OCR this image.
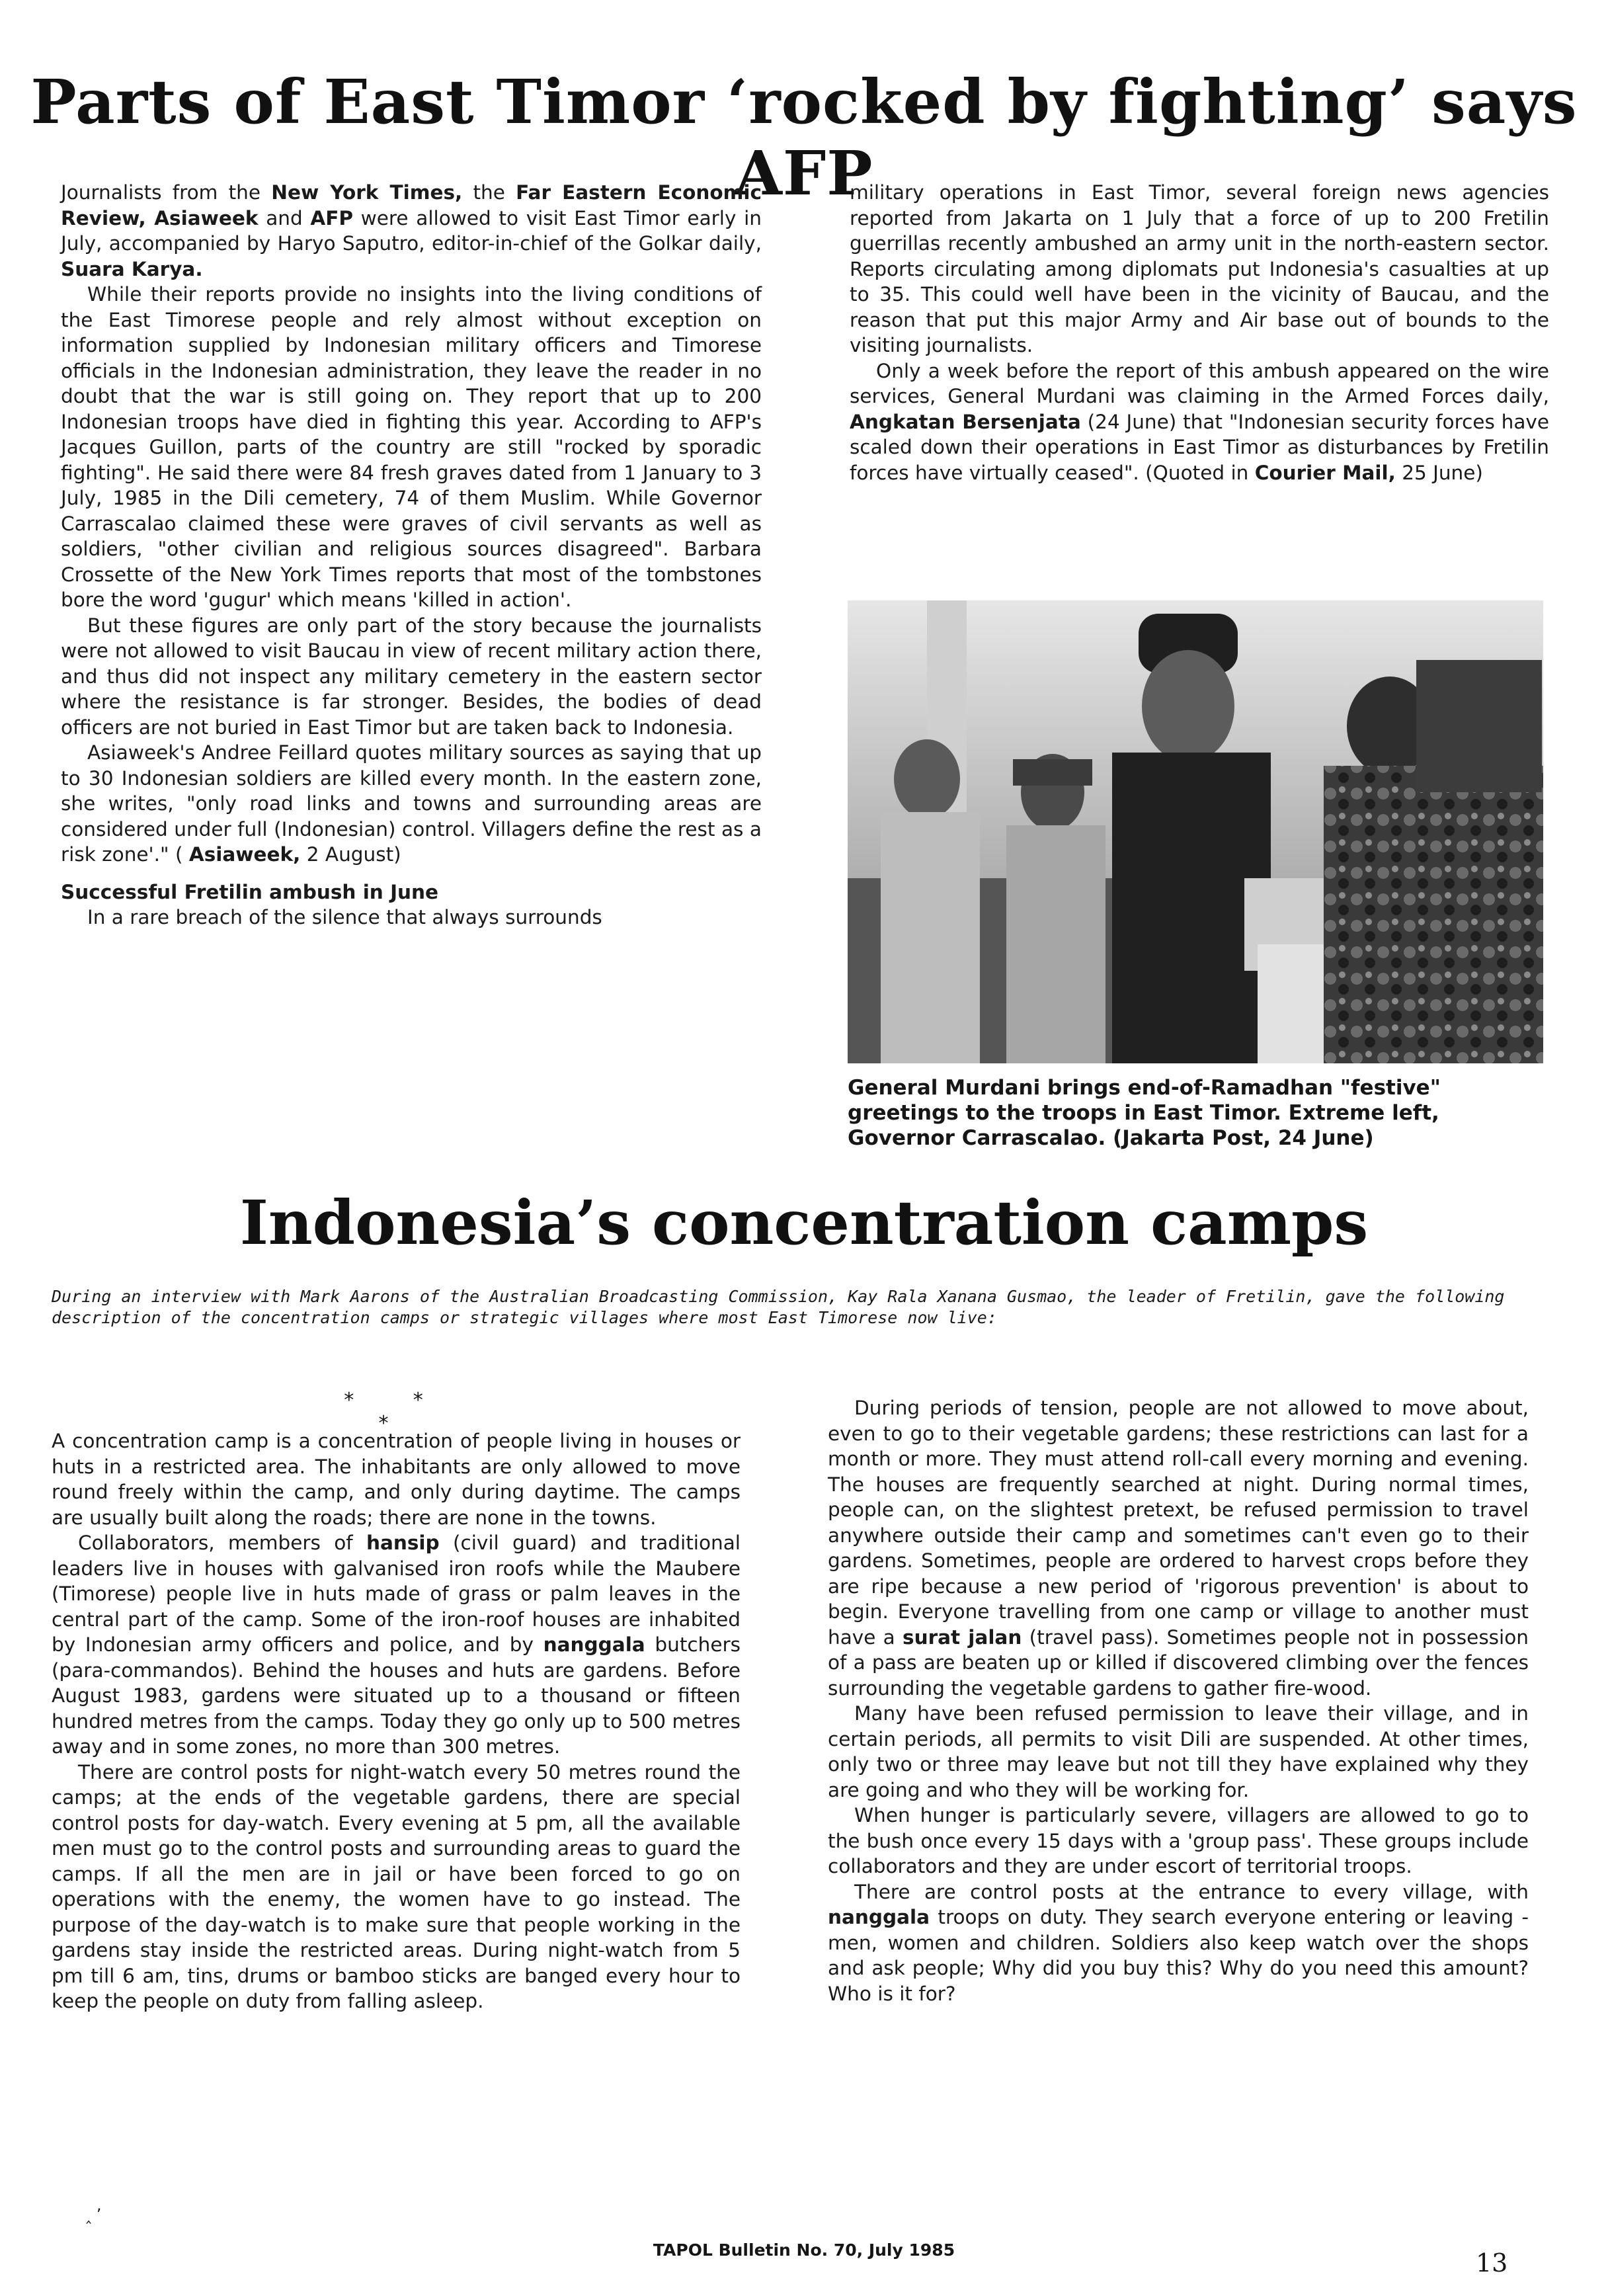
Parts of East Timor ‘rocked by fighting’ says AFP

Journalists from the New York Times, the Far Eastern Economic Review, Asiaweek and AFP were allowed to visit East Timor early in July, accompanied by Haryo Saputro, editor-in-chief of the Golkar daily, Suara Karya.

While their reports provide no insights into the living conditions of the East Timorese people and rely almost without exception on information supplied by Indonesian military officers and Timorese officials in the Indonesian administration, they leave the reader in no doubt that the war is still going on. They report that up to 200 Indonesian troops have died in fighting this year. According to AFP's Jacques Guillon, parts of the country are still "rocked by sporadic fighting". He said there were 84 fresh graves dated from 1 January to 3 July, 1985 in the Dili cemetery, 74 of them Muslim. While Governor Carrascalao claimed these were graves of civil servants as well as soldiers, "other civilian and religious sources disagreed". Barbara Crossette of the New York Times reports that most of the tombstones bore the word 'gugur' which means 'killed in action'.

But these figures are only part of the story because the journalists were not allowed to visit Baucau in view of recent military action there, and thus did not inspect any military cemetery in the eastern sector where the resistance is far stronger. Besides, the bodies of dead officers are not buried in East Timor but are taken back to Indonesia.

Asiaweek's Andree Feillard quotes military sources as saying that up to 30 Indonesian soldiers are killed every month. In the eastern zone, she writes, "only road links and towns and surrounding areas are considered under full (Indonesian) control. Villagers define the rest as a risk zone'." ( Asiaweek, 2 August)

Successful Fretilin ambush in June

In a rare breach of the silence that always surrounds

military operations in East Timor, several foreign news agencies reported from Jakarta on 1 July that a force of up to 200 Fretilin guerrillas recently ambushed an army unit in the north-eastern sector. Reports circulating among diplomats put Indonesia's casualties at up to 35. This could well have been in the vicinity of Baucau, and the reason that put this major Army and Air base out of bounds to the visiting journalists.

Only a week before the report of this ambush appeared on the wire services, General Murdani was claiming in the Armed Forces daily, Angkatan Bersenjata (24 June) that "Indonesian security forces have scaled down their operations in East Timor as disturbances by Fretilin forces have virtually ceased". (Quoted in Courier Mail, 25 June)

General Murdani brings end-of-Ramadhan "festive" greetings to the troops in East Timor. Extreme left, Governor Carrascalao. (Jakarta Post, 24 June)

Indonesia’s concentration camps

During an interview with Mark Aarons of the Australian Broadcasting Commission, Kay Rala Xanana Gusmao, the leader of Fretilin, gave the following description of the concentration camps or strategic villages where most East Timorese now live:

* * *

A concentration camp is a concentration of people living in houses or huts in a restricted area. The inhabitants are only allowed to move round freely within the camp, and only during daytime. The camps are usually built along the roads; there are none in the towns.

Collaborators, members of hansip (civil guard) and traditional leaders live in houses with galvanised iron roofs while the Maubere (Timorese) people live in huts made of grass or palm leaves in the central part of the camp. Some of the iron-roof houses are inhabited by Indonesian army officers and police, and by nanggala butchers (para-commandos). Behind the houses and huts are gardens. Before August 1983, gardens were situated up to a thousand or fifteen hundred metres from the camps. Today they go only up to 500 metres away and in some zones, no more than 300 metres.

There are control posts for night-watch every 50 metres round the camps; at the ends of the vegetable gardens, there are special control posts for day-watch. Every evening at 5 pm, all the available men must go to the control posts and surrounding areas to guard the camps. If all the men are in jail or have been forced to go on operations with the enemy, the women have to go instead. The purpose of the day-watch is to make sure that people working in the gardens stay inside the restricted areas. During night-watch from 5 pm till 6 am, tins, drums or bamboo sticks are banged every hour to keep the people on duty from falling asleep.

During periods of tension, people are not allowed to move about, even to go to their vegetable gardens; these restrictions can last for a month or more. They must attend roll-call every morning and evening. The houses are frequently searched at night. During normal times, people can, on the slightest pretext, be refused permission to travel anywhere outside their camp and sometimes can't even go to their gardens. Sometimes, people are ordered to harvest crops before they are ripe because a new period of 'rigorous prevention' is about to begin. Everyone travelling from one camp or village to another must have a surat jalan (travel pass). Sometimes people not in possession of a pass are beaten up or killed if discovered climbing over the fences surrounding the vegetable gardens to gather fire-wood.

Many have been refused permission to leave their village, and in certain periods, all permits to visit Dili are suspended. At other times, only two or three may leave but not till they have explained why they are going and who they will be working for.

When hunger is particularly severe, villagers are allowed to go to the bush once every 15 days with a 'group pass'. These groups include collaborators and they are under escort of territorial troops.

There are control posts at the entrance to every village, with nanggala troops on duty. They search everyone entering or leaving - men, women and children. Soldiers also keep watch over the shops and ask people; Why did you buy this? Why do you need this amount? Who is it for?

‸ ’

TAPOL Bulletin No. 70, July 1985	13
